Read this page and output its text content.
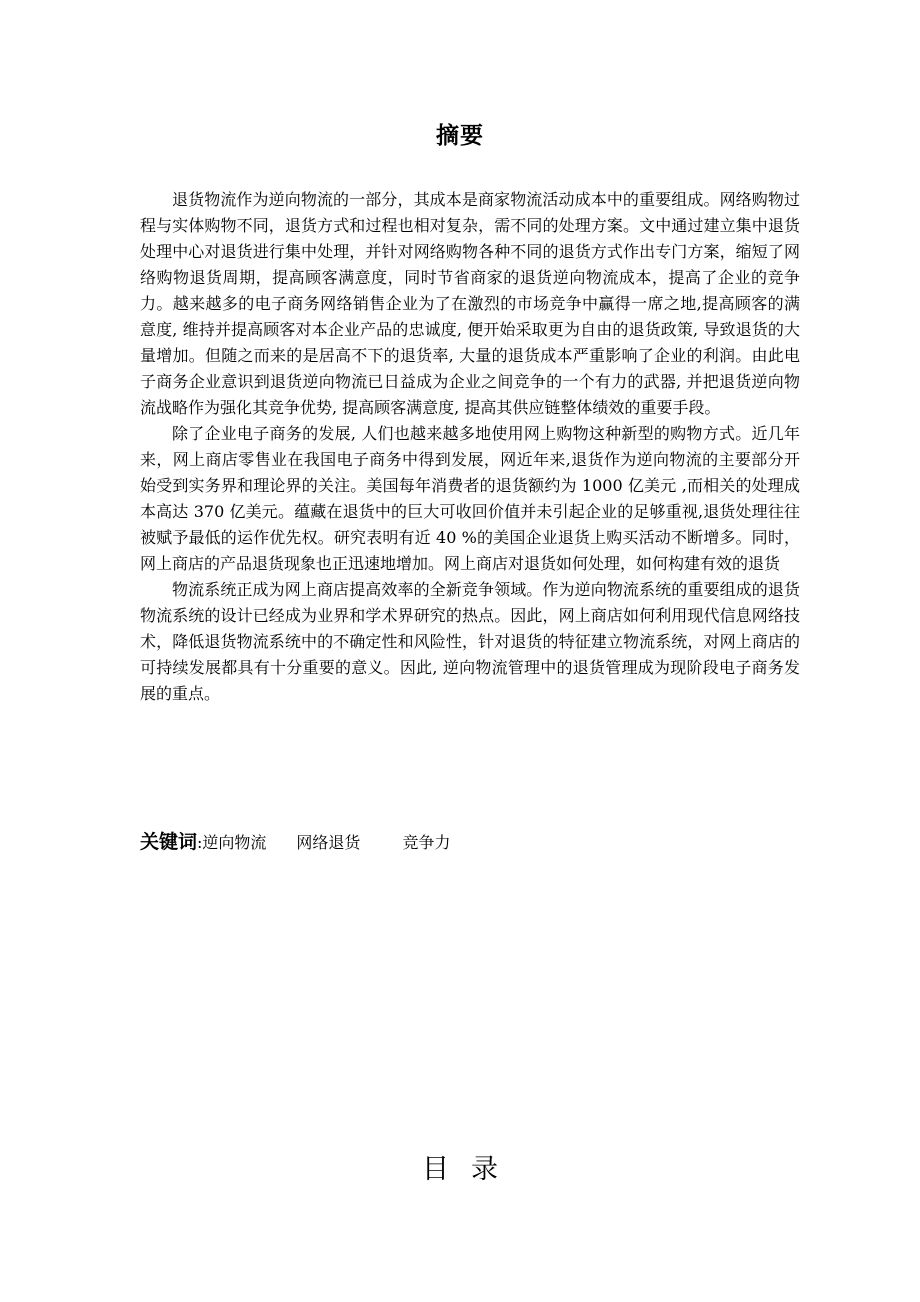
摘要

退货物流作为逆向物流的一部分，其成本是商家物流活动成本中的重要组成。网络购物过程与实体购物不同，退货方式和过程也相对复杂，需不同的处理方案。文中通过建立集中退货处理中心对退货进行集中处理，并针对网络购物各种不同的退货方式作出专门方案，缩短了网络购物退货周期，提高顾客满意度，同时节省商家的退货逆向物流成本，提高了企业的竞争力。越来越多的电子商务网络销售企业为了在激烈的市场竞争中赢得一席之地,提高顾客的满意度, 维持并提高顾客对本企业产品的忠诚度, 便开始采取更为自由的退货政策, 导致退货的大量增加。但随之而来的是居高不下的退货率, 大量的退货成本严重影响了企业的利润。由此电子商务企业意识到退货逆向物流已日益成为企业之间竞争的一个有力的武器, 并把退货逆向物流战略作为强化其竞争优势, 提高顾客满意度, 提高其供应链整体绩效的重要手段。

除了企业电子商务的发展, 人们也越来越多地使用网上购物这种新型的购物方式。近几年来，网上商店零售业在我国电子商务中得到发展，网近年来,退货作为逆向物流的主要部分开始受到实务界和理论界的关注。美国每年消费者的退货额约为 1000 亿美元 ,而相关的处理成本高达 370 亿美元。蕴藏在退货中的巨大可收回价值并未引起企业的足够重视,退货处理往往被赋予最低的运作优先权。研究表明有近 40 %的美国企业退货上购买活动不断增多。同时，网上商店的产品退货现象也正迅速地增加。网上商店对退货如何处理，如何构建有效的退货

物流系统正成为网上商店提高效率的全新竞争领域。作为逆向物流系统的重要组成的退货物流系统的设计已经成为业界和学术界研究的热点。因此，网上商店如何利用现代信息网络技术，降低退货物流系统中的不确定性和风险性，针对退货的特征建立物流系统，对网上商店的可持续发展都具有十分重要的意义。因此, 逆向物流管理中的退货管理成为现阶段电子商务发展的重点。

关键词:逆向物流 网络退货	竞争力
目录
